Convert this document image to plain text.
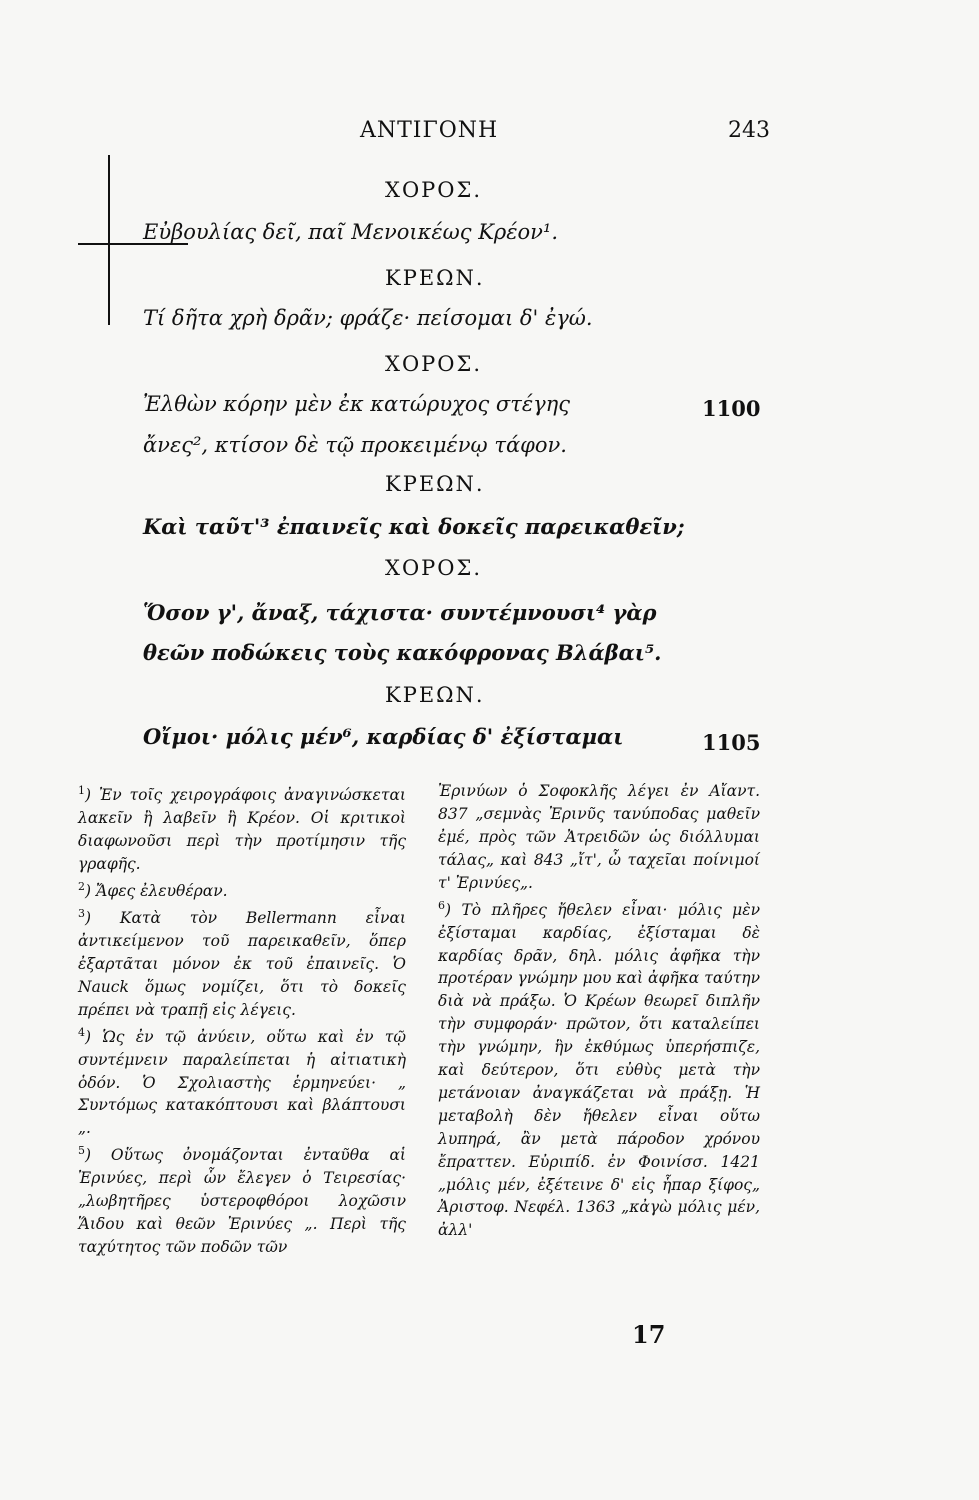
ΑΝΤΙΓΟΝΗ	243
ΧΟΡΟΣ.
Εὐβουλίας δεῖ, παῖ Μενοικέως Κρέον¹.
ΚΡΕΩΝ.
Τί δῆτα χρὴ δρᾶν; φράζε· πείσομαι δ' ἐγώ.
ΧΟΡΟΣ.
Ἐλθὼν κόρην μὲν ἐκ κατώρυχος στέγης	1100
ἄνες², κτίσον δὲ τῷ προκειμένῳ τάφον.
ΚΡΕΩΝ.
Καὶ ταῦτ'³ ἐπαινεῖς καὶ δοκεῖς παρεικαθεῖν;
ΧΟΡΟΣ.
Ὅσον γ', ἄναξ, τάχιστα· συντέμνουσι⁴ γὰρ
θεῶν ποδώκεις τοὺς κακόφρονας Βλάβαι⁵.
ΚΡΕΩΝ.
Οἴμοι· μόλις μέν⁶, καρδίας δ' ἐξίσταμαι	1105

$^1$) Ἐν τοῖς χειρογράφοις ἀναγινώσκεται λακεῖν ἢ λαβεῖν ἢ Κρέον. Οἱ κριτικοὶ διαφωνοῦσι περὶ τὴν προτίμησιν τῆς γραφῆς.

$^2$) Ἄφες ἐλευθέραν.

$^3$) Κατὰ τὸν Bellermann εἶναι ἀντικείμενον τοῦ παρεικαθεῖν, ὅπερ ἐξαρτᾶται μόνον ἐκ τοῦ ἐπαινεῖς. Ὁ Nauck ὅμως νομίζει, ὅτι τὸ δοκεῖς πρέπει νὰ τραπῇ εἰς λέγεις.

$^4$) Ὡς ἐν τῷ ἀνύειν, οὕτω καὶ ἐν τῷ συντέμνειν παραλείπεται ἡ αἰτιατικὴ ὁδόν. Ὁ Σχολιαστὴς ἑρμηνεύει· „ Συντόμως κατακόπτουσι καὶ βλάπτουσι „.

$^5$) Οὕτως ὀνομάζονται ἐνταῦθα αἱ Ἐρινύες, περὶ ὧν ἔλεγεν ὁ Τειρεσίας· „λωβητῆρες ὑστεροφθόροι λοχῶσιν Ἅιδου καὶ θεῶν Ἐρινύες „. Περὶ τῆς ταχύτητος τῶν ποδῶν τῶν

Ἐρινύων ὁ Σοφοκλῆς λέγει ἐν Αἴαντ. 837 „σεμνὰς Ἐρινῦς τανύποδας μαθεῖν ἐμέ, πρὸς τῶν Ἀτρειδῶν ὡς διόλλυμαι τάλας„ καὶ 843 „ἴτ', ὦ ταχεῖαι ποίνιμοί τ' Ἐρινύες„.

$^6$) Τὸ πλῆρες ἤθελεν εἶναι· μόλις μὲν ἐξίσταμαι καρδίας, ἐξίσταμαι δὲ καρδίας δρᾶν, δηλ. μόλις ἀφῆκα τὴν προτέραν γνώμην μου καὶ ἀφῆκα ταύτην διὰ νὰ πράξω. Ὁ Κρέων θεωρεῖ διπλῆν τὴν συμφοράν· πρῶτον, ὅτι καταλείπει τὴν γνώμην, ἣν ἐκθύμως ὑπερήσπιζε, καὶ δεύτερον, ὅτι εὐθὺς μετὰ τὴν μετάνοιαν ἀναγκάζεται νὰ πράξῃ. Ἡ μεταβολὴ δὲν ἤθελεν εἶναι οὕτω λυπηρά, ἂν μετὰ πάροδον χρόνου ἔπραττεν. Εὐριπίδ. ἐν Φοινίσσ. 1421 „μόλις μέν, ἐξέτεινε δ' εἰς ἧπαρ ξίφος„ Ἀριστοφ. Νεφέλ. 1363 „κἀγὼ μόλις μέν, ἀλλ'

17
